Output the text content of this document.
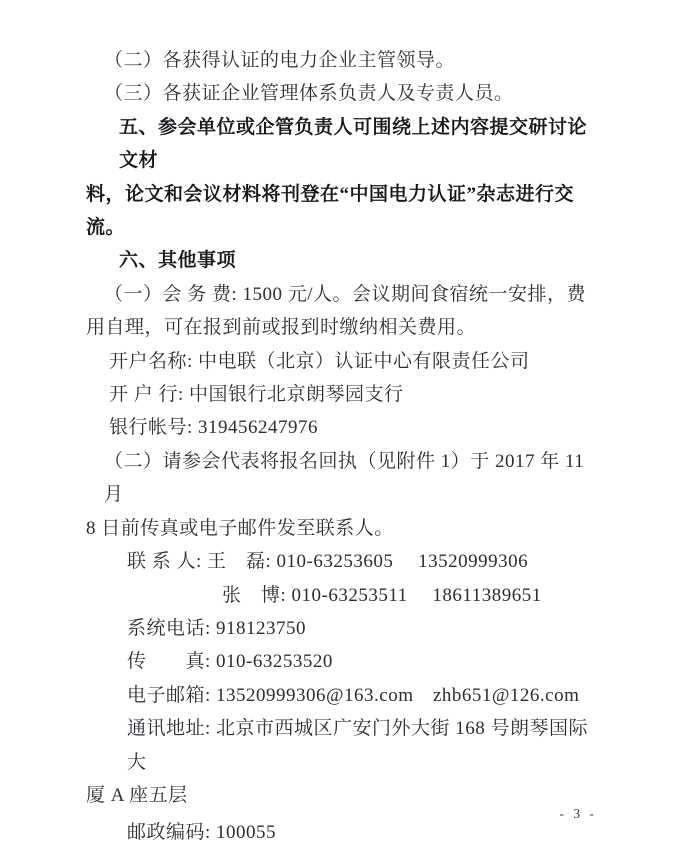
（二）各获得认证的电力企业主管领导。

（三）各获证企业管理体系负责人及专责人员。

五、参会单位或企管负责人可围绕上述内容提交研讨论文材

料，论文和会议材料将刊登在“中国电力认证”杂志进行交流。

六、其他事项

（一）会 务 费: 1500 元/人。会议期间食宿统一安排，费

用自理，可在报到前或报到时缴纳相关费用。

开户名称: 中电联（北京）认证中心有限责任公司

开 户 行: 中国银行北京朗琴园支行

银行帐号: 319456247976

（二）请参会代表将报名回执（见附件 1）于 2017 年 11 月

8 日前传真或电子邮件发至联系人。

联 系 人: 王　磊: 010-63253605　 13520999306

张　博: 010-63253511　 18611389651

系统电话: 918123750

传　　真: 010-63253520

电子邮箱: 13520999306@163.com　zhb651@126.com

通讯地址: 北京市西城区广安门外大街 168 号朗琴国际大

厦 A 座五层

邮政编码: 100055

- 3 -
